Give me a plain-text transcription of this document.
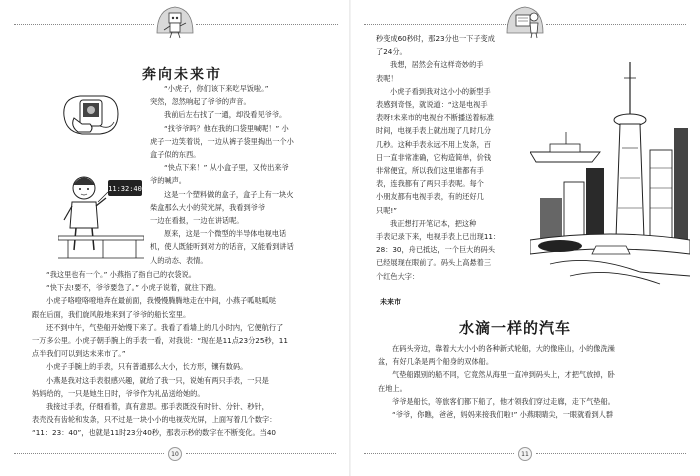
奔向未来市
11:32:40

“小虎子，你们该下来吃早饭啦。”

突然，忽然响起了爷爷的声音。

我前后左右找了一通，却没看见爷爷。

“找爷爷吗？他在我的口袋里喊呢！” 小

虎子一边笑着说，一边从裤子袋里掏出一个小

盒子似的东西。

“快点下来！” 从小盒子里，又传出来爷

爷的喊声。

这是一个塑料做的盒子，盒子上有一块火

柴盒那么大小的荧光屏，我看到爷爷

一边在看报，一边在讲话呢。

原来，这是一个微型的半导体电视电话

机，使人既能听到对方的话音，又能看到讲话

人的动态、表情。

“我这里也有一个。” 小燕指了指自己的衣袋说。

“快下去!要不，爷爷要急了。” 小虎子说着，就往下跑。

小虎子咯噔咯噔地奔在最前面，我慢慢腾腾地走在中间，小燕子呱哒呱哒

跟在后面，我们旋风般地来到了爷爷的船长室里。

还不到中午，气垫船开始慢下来了。我看了看墙上的几小时内，它便航行了

一万多公里。小虎子朝手腕上的手表一看，对我说：“现在是11点23分25秒，11

点半我们可以到达未来市了。”

小虎子手腕上的手表，只有普通那么大小，长方形，镶有数码。

小燕是我对这手表很感兴趣，就给了我一只，说她有两只手表，一只是

妈妈给的，一只是她生日时，爷爷作为礼品送给她的。

我接过手表，仔细看着，真有意思。那手表既没有时针、分针、秒针，

表壳没有齿轮和发条，只不过是一块小小的电视荧光屏，上面写着几个数字：

“11：23：40”，也就是11时23分40秒，那表示秒的数字在不断变化。当40

10

秒变成60秒时，那23分也一下子变成

了24分。

我想，居然会有这样奇妙的手

表呢！

小虎子看到我对这小小的新型手

表感到奇怪，就说道：“这是电视手

表呀!未来市的电视台不断播送着标准

时间，电视手表上就出现了几时几分

几秒。这种手表永远不用上发条，百

日一直非常准确，它构造简单，价钱

非常便宜，所以我们这里谁都有手

表，连我都有了两只手表呢。每个

小朋友都有电视手表，有的还好几

只呢!”

我正想打开笔记本，把这种

手表记录下来，电视手表上已出现11：

28：30，舟已抵达，一个巨大的码头

已经展现在眼前了。码头上高悬着三

个红色大字：

未来市
水滴一样的汽车

在码头旁边，靠着大大小小的各种新式轮船，大的像座山，小的像洗澡

盆，有好几条是两个船身的双体船。

气垫船跟别的船不同，它竟然从海里一直冲到码头上，才把气放掉，卧

在地上。

爷爷是船长，等旅客们都下船了，他才领我们穿过走廊，走下气垫船。

“爷爷，你瞧，爸爸，妈妈来接我们啦!” 小燕眼睛尖，一眼就看到人群

11
